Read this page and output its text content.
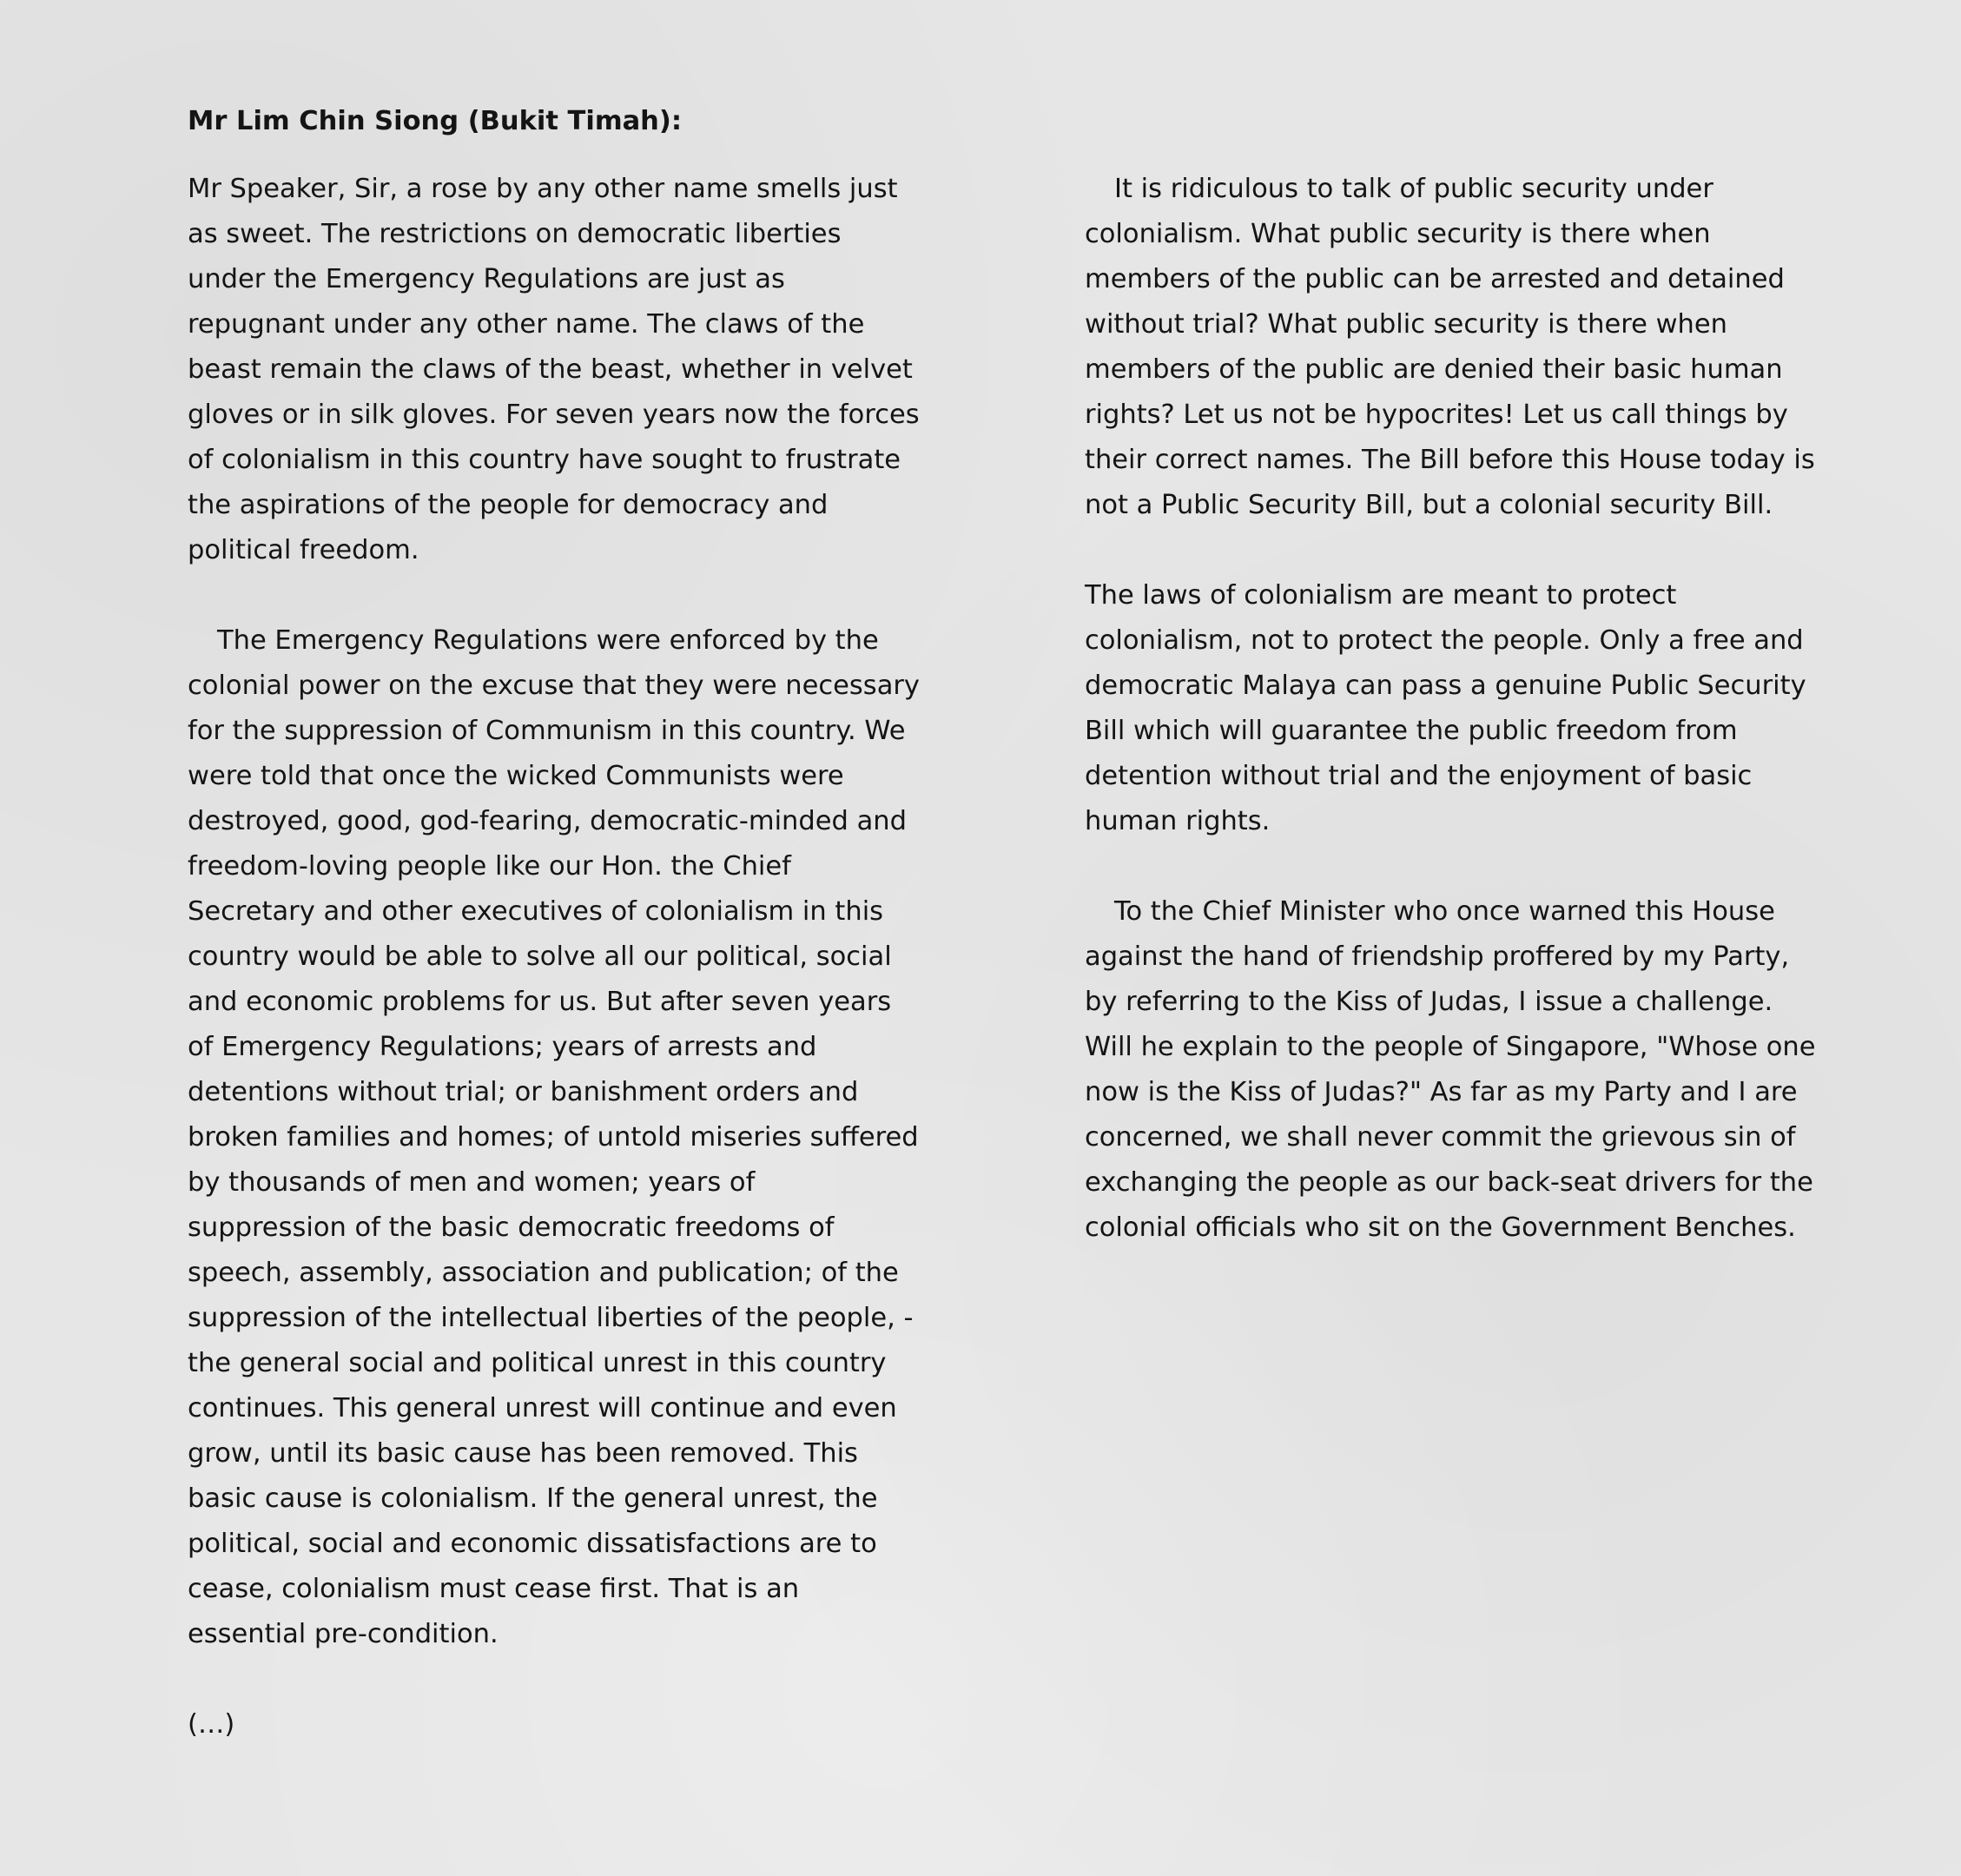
Mr Lim Chin Siong (Bukit Timah):

Mr Speaker, Sir, a rose by any other name smells just as sweet. The restrictions on democratic liberties under the Emergency Regulations are just as repugnant under any other name. The claws of the beast remain the claws of the beast, whether in velvet gloves or in silk gloves. For seven years now the forces of colonialism in this country have sought to frustrate the aspirations of the people for democracy and political freedom.

The Emergency Regulations were enforced by the colonial power on the excuse that they were necessary for the suppression of Communism in this country. We were told that once the wicked Communists were destroyed, good, god-fearing, democratic-minded and freedom-loving people like our Hon. the Chief Secretary and other executives of colonialism in this country would be able to solve all our political, social and economic problems for us. But after seven years of Emergency Regulations; years of arrests and detentions without trial; or banishment orders and broken families and homes; of untold miseries suffered by thousands of men and women; years of suppression of the basic democratic freedoms of speech, assembly, association and publication; of the suppression of the intellectual liberties of the people, - the general social and political unrest in this country continues. This general unrest will continue and even grow, until its basic cause has been removed. This basic cause is colonialism. If the general unrest, the political, social and economic dissatisfactions are to cease, colonialism must cease first. That is an essential pre-condition.

(…)

It is ridiculous to talk of public security under colonialism. What public security is there when members of the public can be arrested and detained without trial? What public security is there when members of the public are denied their basic human rights? Let us not be hypocrites! Let us call things by their correct names. The Bill before this House today is not a Public Security Bill, but a colonial security Bill.

The laws of colonialism are meant to protect colonialism, not to protect the people. Only a free and democratic Malaya can pass a genuine Public Security Bill which will guarantee the public freedom from detention without trial and the enjoyment of basic human rights.

To the Chief Minister who once warned this House against the hand of friendship proffered by my Party, by referring to the Kiss of Judas, I issue a challenge. Will he explain to the people of Singapore, "Whose one now is the Kiss of Judas?" As far as my Party and I are concerned, we shall never commit the grievous sin of exchanging the people as our back-seat drivers for the colonial officials who sit on the Government Benches.
